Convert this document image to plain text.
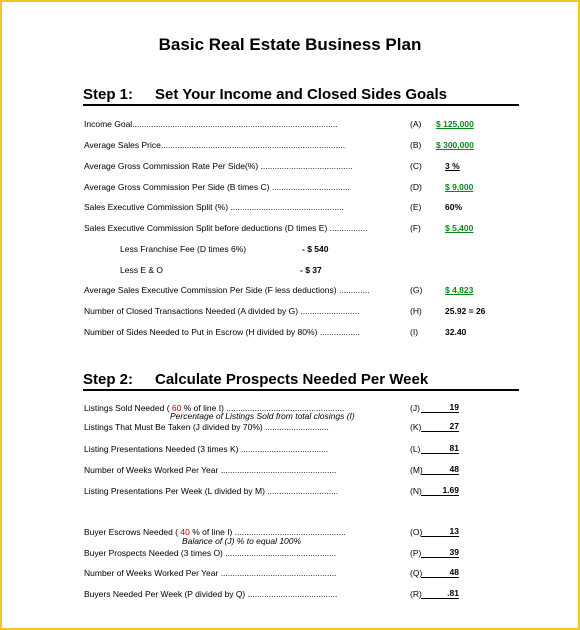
Basic Real Estate Business Plan
Step 1: Set Your Income and Closed Sides Goals
Income Goal.......................................................................................	(A) $ 125,000
Average Sales Price..............................................................................	(B) $ 300,000
Average Gross Commission Rate Per Side(%) .......................................	(C)	3 %
Average Gross Commission Per Side (B times C) .................................	(D)	$ 9,000
Sales Executive Commission Split (%) ................................................	(E)	60%
Sales Executive Commission Split before deductions (D times E) ................	(F)	$ 5,400
Less Franchise Fee (D times 6%)	- $ 540
Less E & O	- $ 37
Average Sales Executive Commission Per Side (F less deductions) .............	(G)	$ 4,823
Number of Closed Transactions Needed (A divided by G) .........................	(H)	25.92 = 26
Number of Sides Needed to Put in Escrow (H divided by 80%) .................	(I)	32.40
Step 2: Calculate Prospects Needed Per Week
Listings Sold Needed ( 60 % of line I) ..................................................	(J)	19
Percentage of Listings Sold from total closings (I)
Listings That Must Be Taken (J divided by 70%) ...........................	(K)	27
Listing Presentations Needed (3 times K) .....................................	(L)	81
Number of Weeks Worked Per Year .................................................	(M)	48
Listing Presentations Per Week (L divided by M) ..............................	(N)	1.69
Buyer Escrows Needed ( 40 % of line I) ...............................................	(O)	13
Balance of (J) % to equal 100%
Buyer Prospects Needed (3 times O) ...............................................	(P)	39
Number of Weeks Worked Per Year .................................................	(Q)	48
Buyers Needed Per Week (P divided by Q) ......................................	(R)	.81
